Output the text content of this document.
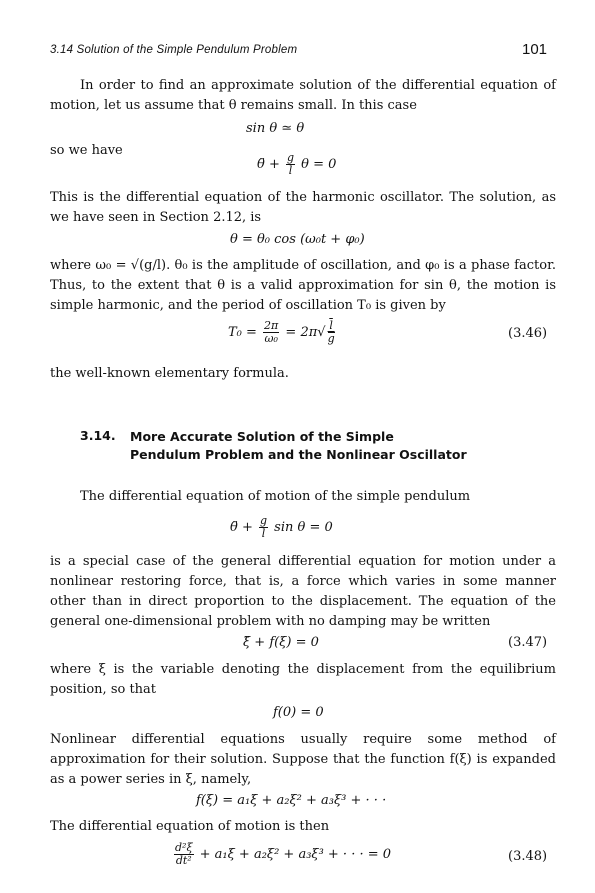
3.14 Solution of the Simple Pendulum Problem	101
In order to find an approximate solution of the differential equation of motion, let us assume that θ remains small. In this case
sin θ ≃ θ
so we have
θ̈ + $\frac{g}{l}$ θ = 0
This is the differential equation of the harmonic oscillator. The solution, as we have seen in Section 2.12, is
θ = θ₀ cos (ω₀t + φ₀)
where ω₀ = √(g/l). θ₀ is the amplitude of oscillation, and φ₀ is a phase factor. Thus, to the extent that θ is a valid approximation for sin θ, the motion is simple harmonic, and the period of oscillation T₀ is given by
$T_0 = \frac{2\pi}{\text{ω₀}} = 2\pi√ \frac{l}{g}$	(3.46)
the well-known elementary formula.
3.14. More Accurate Solution of the Simple
Pendulum Problem and the Nonlinear Oscillator
The differential equation of motion of the simple pendulum
θ̈ + $\frac{g}{l}$ sin θ = 0
is a special case of the general differential equation for motion under a nonlinear restoring force, that is, a force which varies in some manner other than in direct proportion to the displacement. The equation of the general one-dimensional problem with no damping may be written
ξ̈ + f(ξ) = 0	(3.47)
where ξ is the variable denoting the displacement from the equilibrium position, so that
f(0) = 0
Nonlinear differential equations usually require some method of approximation for their solution. Suppose that the function f(ξ) is expanded as a power series in ξ, namely,
f(ξ) = a₁ξ + a₂ξ² + a₃ξ³ + · · ·
The differential equation of motion is then
$\frac{\text{d²ξ}}{\text{dt²}} + a_1\xi + a_2\xi^2 + a_3\xi^3$ + · · · = 0	(3.48)
